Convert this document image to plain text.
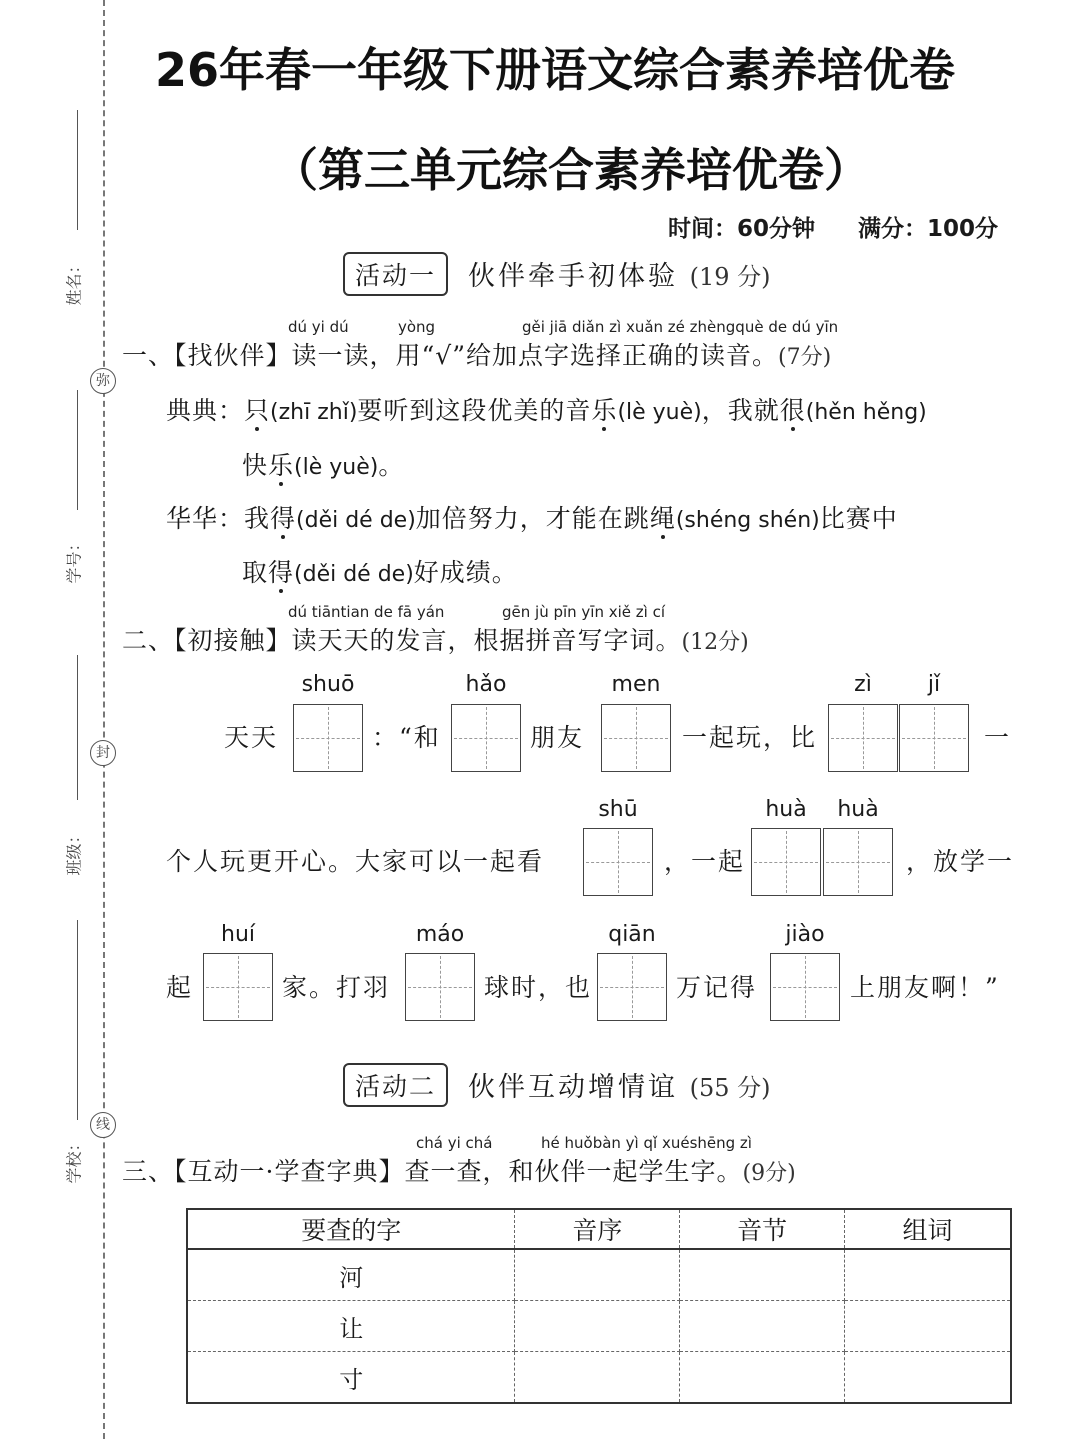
姓名：
弥
学号：
封
班级：
线
学校：
26年春一年级下册语文综合素养培优卷
（第三单元综合素养培优卷）
时间：60分钟 满分：100分
活动一	伙伴牵手初体验 (19 分)
dú yi dú	yòng	gěi jiā diǎn zì xuǎn zé zhèngquè de dú yīn
一、【找伙伴】读一读，用“√”给加点字选择正确的读音。(7分)
典典：只(zhī zhǐ)要听到这段优美的音乐(lè yuè)，我就很(hěn hěng)
快乐(lè yuè)。
华华：我得(děi dé de)加倍努力，才能在跳绳(shéng shén)比赛中
取得(děi dé de)好成绩。
dú tiāntian de fā yán	gēn jù pīn yīn xiě zì cí
二、【初接触】读天天的发言，根据拼音写字词。(12分)
天天
shuō
：“和
hǎo
朋友
men
一起玩，比
zì	jǐ
一
个人玩更开心。大家可以一起看
shū
，一起
huà	huà
，放学一
起
huí
家。打羽
máo
球时，也
qiān
万记得
jiào
上朋友啊！”
活动二	伙伴互动增情谊 (55 分)
chá yi chá	hé huǒbàn yì qǐ xuéshēng zì
三、【互动一·学查字典】查一查，和伙伴一起学生字。(9分)
要查的字	音序	音节	组词
河			
让			
寸			
